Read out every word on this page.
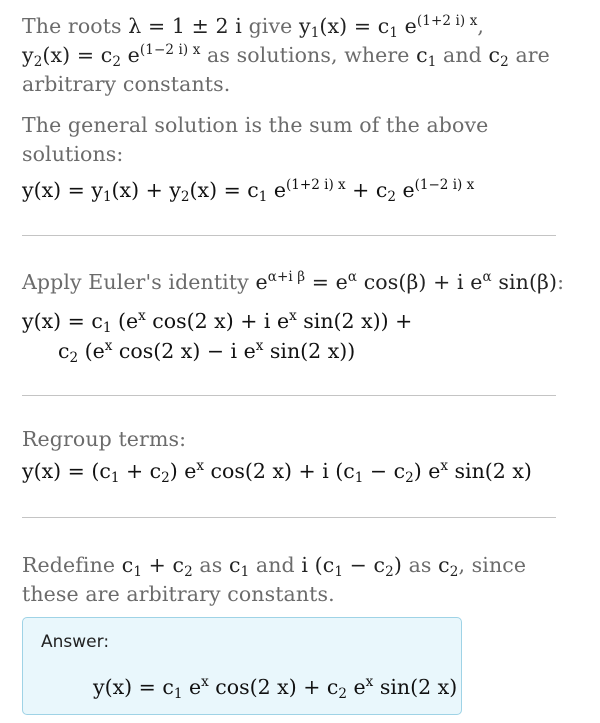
The roots λ = 1 ± 2 i give $y_1(x) = c_1$ $e^{(1+2 i) x}$,
$y_2(x) = c_2$ $e^{(1-2 i) x}$ as solutions, where $c_1$ and $c_2$ are arbitrary constants.
The general solution is the sum of the above solutions:
$y(x) = y_1(x) + y_2(x) = c_1$ $e^{(1+2 i) x} + c_2$ $e^{(1-2 i) x}$
Apply Euler's identity $e^{\alpha+i \beta} = e^\alpha$ cos(β) + i $e^\alpha$ sin(β):
$y(x) = c_1$ ($e^x$ cos(2 x) + i $e^x$ sin(2 x)) +
$c_2$ ($e^x$ cos(2 x) − i $e^x$ sin(2 x))
Regroup terms:
$y(x) = (c_1 + c_2)$ $e^x$ cos(2 x) + i $(c_1 - c_2)$ $e^x$ sin(2 x)
Redefine $c_1 + c_2$ as $c_1$ and i $(c_1 - c_2)$ as $c_2$, since these are arbitrary constants.
Answer:
$y(x) = c_1$ $e^x$ cos(2 $x) + c_2$ $e^x$ sin(2 x)
